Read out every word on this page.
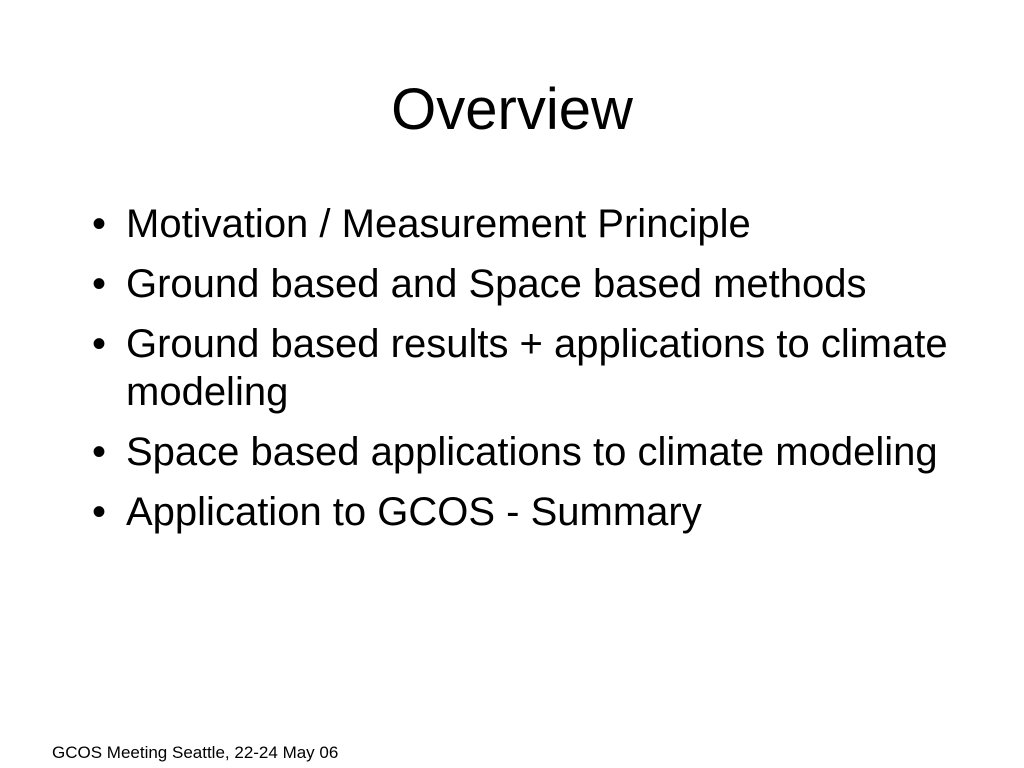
Overview
• Motivation / Measurement Principle
• Ground based and Space based methods
• Ground based results + applications to climate modeling
• Space based applications to climate modeling
• Application to GCOS - Summary
GCOS Meeting Seattle, 22-24 May 06
